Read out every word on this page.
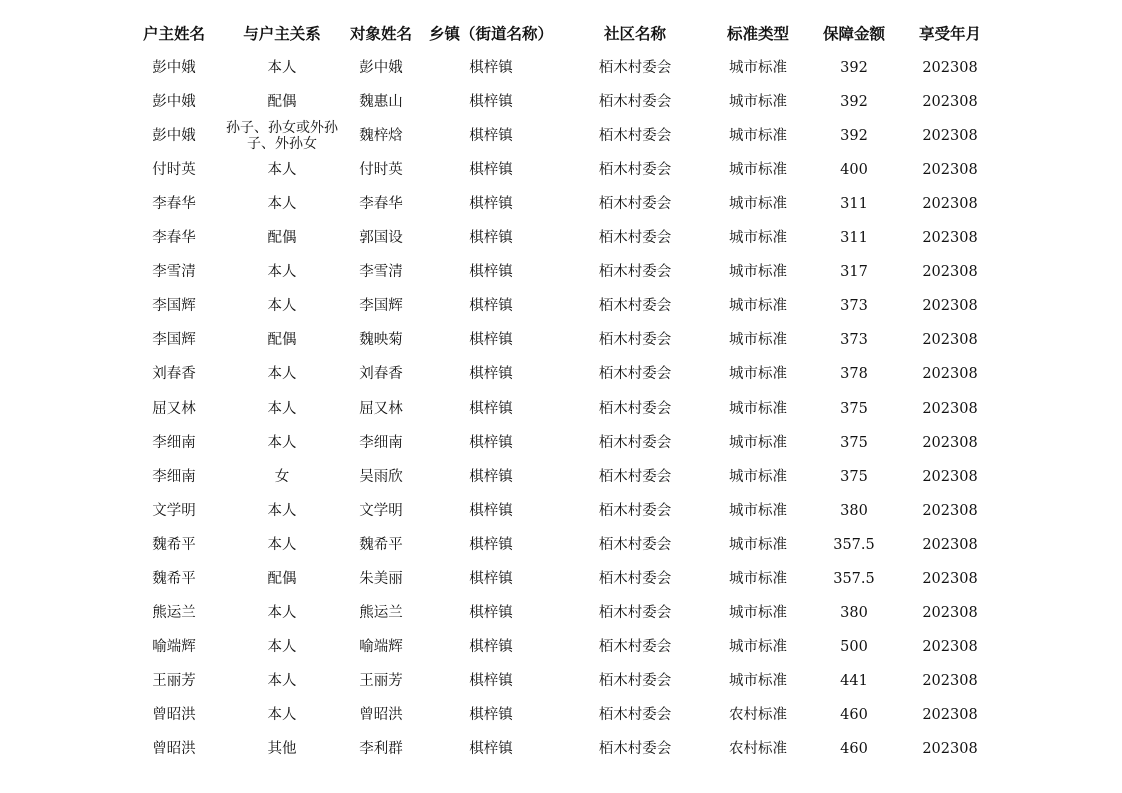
户主姓名	与户主关系	对象姓名	乡镇（街道名称）	社区名称	标准类型	保障金额	享受年月
彭中娥	本人	彭中娥	棋梓镇	栢木村委会	城市标准	392	202308
彭中娥	配偶	魏惠山	棋梓镇	栢木村委会	城市标准	392	202308
彭中娥	孙子、孙女或外孙子、外孙女	魏梓焓	棋梓镇	栢木村委会	城市标准	392	202308
付时英	本人	付时英	棋梓镇	栢木村委会	城市标准	400	202308
李春华	本人	李春华	棋梓镇	栢木村委会	城市标准	311	202308
李春华	配偶	郭国设	棋梓镇	栢木村委会	城市标准	311	202308
李雪清	本人	李雪清	棋梓镇	栢木村委会	城市标准	317	202308
李国辉	本人	李国辉	棋梓镇	栢木村委会	城市标准	373	202308
李国辉	配偶	魏映菊	棋梓镇	栢木村委会	城市标准	373	202308
刘春香	本人	刘春香	棋梓镇	栢木村委会	城市标准	378	202308
屈又林	本人	屈又林	棋梓镇	栢木村委会	城市标准	375	202308
李细南	本人	李细南	棋梓镇	栢木村委会	城市标准	375	202308
李细南	女	吴雨欣	棋梓镇	栢木村委会	城市标准	375	202308
文学明	本人	文学明	棋梓镇	栢木村委会	城市标准	380	202308
魏希平	本人	魏希平	棋梓镇	栢木村委会	城市标准	357.5	202308
魏希平	配偶	朱美丽	棋梓镇	栢木村委会	城市标准	357.5	202308
熊运兰	本人	熊运兰	棋梓镇	栢木村委会	城市标准	380	202308
喻端辉	本人	喻端辉	棋梓镇	栢木村委会	城市标准	500	202308
王丽芳	本人	王丽芳	棋梓镇	栢木村委会	城市标准	441	202308
曾昭洪	本人	曾昭洪	棋梓镇	栢木村委会	农村标准	460	202308
曾昭洪	其他	李利群	棋梓镇	栢木村委会	农村标准	460	202308
